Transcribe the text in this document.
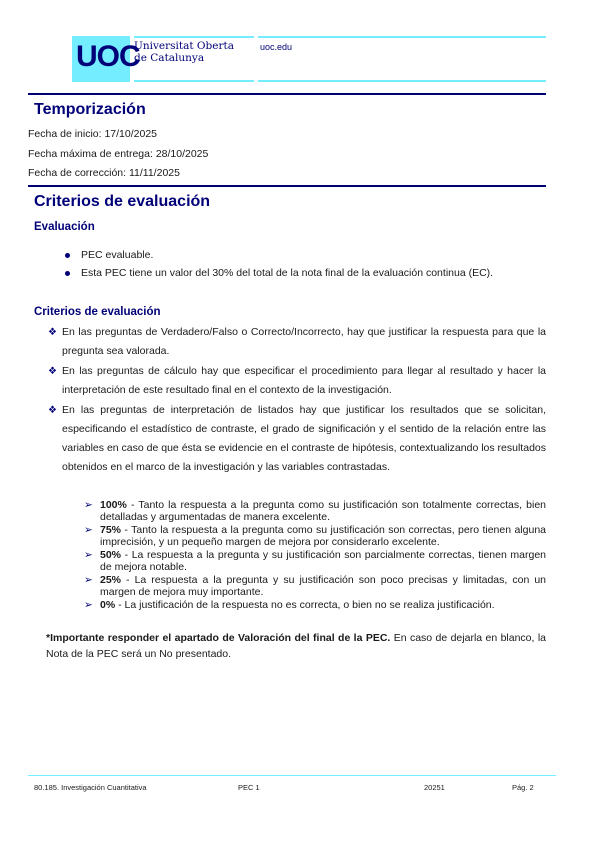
UOC
Universitat Oberta
de Catalunya
uoc.edu
Temporización
Fecha de inicio: 17/10/2025
Fecha máxima de entrega: 28/10/2025
Fecha de corrección: 11/11/2025
Criterios de evaluación
Evaluación
PEC evaluable.
Esta PEC tiene un valor del 30% del total de la nota final de la evaluación continua (EC).
Criterios de evaluación
❖ En las preguntas de Verdadero/Falso o Correcto/Incorrecto, hay que justificar la respuesta para que la pregunta sea valorada.
❖ En las preguntas de cálculo hay que especificar el procedimiento para llegar al resultado y hacer la interpretación de este resultado final en el contexto de la investigación.
❖ En las preguntas de interpretación de listados hay que justificar los resultados que se solicitan, especificando el estadístico de contraste, el grado de significación y el sentido de la relación entre las variables en caso de que ésta se evidencie en el contraste de hipótesis, contextualizando los resultados obtenidos en el marco de la investigación y las variables contrastadas.
➢ 100% - Tanto la respuesta a la pregunta como su justificación son totalmente correctas, bien detalladas y argumentadas de manera excelente.
➢ 75% - Tanto la respuesta a la pregunta como su justificación son correctas, pero tienen alguna imprecisión, y un pequeño margen de mejora por considerarlo excelente.
➢ 50% - La respuesta a la pregunta y su justificación son parcialmente correctas, tienen margen de mejora notable.
➢ 25% - La respuesta a la pregunta y su justificación son poco precisas y limitadas, con un margen de mejora muy importante.
➢ 0% - La justificación de la respuesta no es correcta, o bien no se realiza justificación.
*Importante responder el apartado de Valoración del final de la PEC. En caso de dejarla en blanco, la Nota de la PEC será un No presentado.
80.185. Investigación Cuantitativa	PEC 1	20251	Pág. 2
